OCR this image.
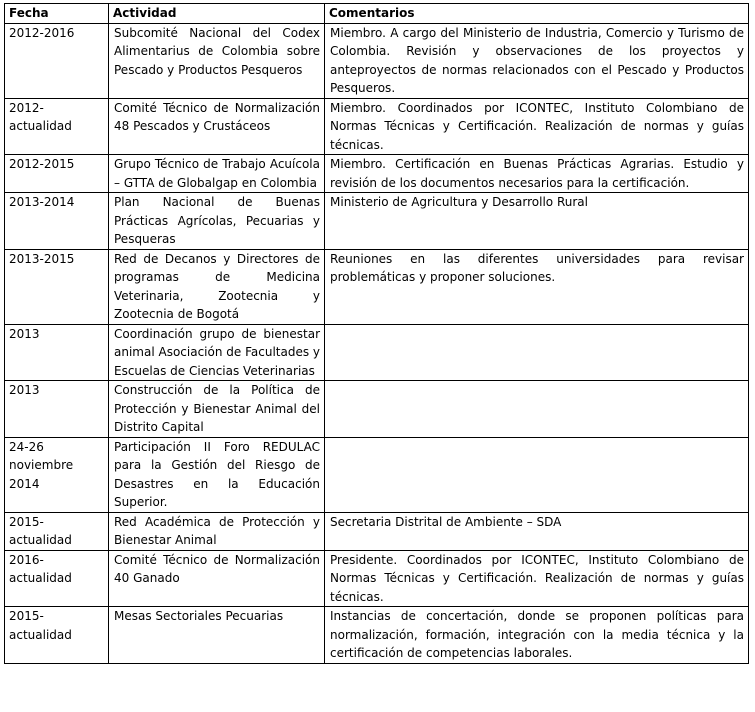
Fecha	Actividad	Comentarios
2012-2016	Subcomité Nacional del Codex Alimentarius de Colombia sobre Pescado y Productos Pesqueros	Miembro. A cargo del Ministerio de Industria, Comercio y Turismo de Colombia. Revisión y observaciones de los proyectos y anteproyectos de normas relacionados con el Pescado y Productos Pesqueros.
2012-actualidad	Comité Técnico de Normalización 48 Pescados y Crustáceos	Miembro. Coordinados por ICONTEC, Instituto Colombiano de Normas Técnicas y Certificación. Realización de normas y guías técnicas.
2012-2015	Grupo Técnico de Trabajo Acuícola – GTTA de Globalgap en Colombia	Miembro. Certificación en Buenas Prácticas Agrarias. Estudio y revisión de los documentos necesarios para la certificación.
2013-2014	Plan Nacional de Buenas Prácticas Agrícolas, Pecuarias y Pesqueras	Ministerio de Agricultura y Desarrollo Rural
2013-2015	Red de Decanos y Directores de programas de Medicina Veterinaria, Zootecnia y Zootecnia de Bogotá	Reuniones en las diferentes universidades para revisar problemáticas y proponer soluciones.
2013	Coordinación grupo de bienestar animal Asociación de Facultades y Escuelas de Ciencias Veterinarias	
2013	Construcción de la Política de Protección y Bienestar Animal del Distrito Capital	
24-26 noviembre 2014	Participación II Foro REDULAC para la Gestión del Riesgo de Desastres en la Educación Superior.	
2015-actualidad	Red Académica de Protección y Bienestar Animal	Secretaria Distrital de Ambiente – SDA
2016-actualidad	Comité Técnico de Normalización 40 Ganado	Presidente. Coordinados por ICONTEC, Instituto Colombiano de Normas Técnicas y Certificación. Realización de normas y guías técnicas.
2015-actualidad	Mesas Sectoriales Pecuarias	Instancias de concertación, donde se proponen políticas para normalización, formación, integración con la media técnica y la certificación de competencias laborales.
